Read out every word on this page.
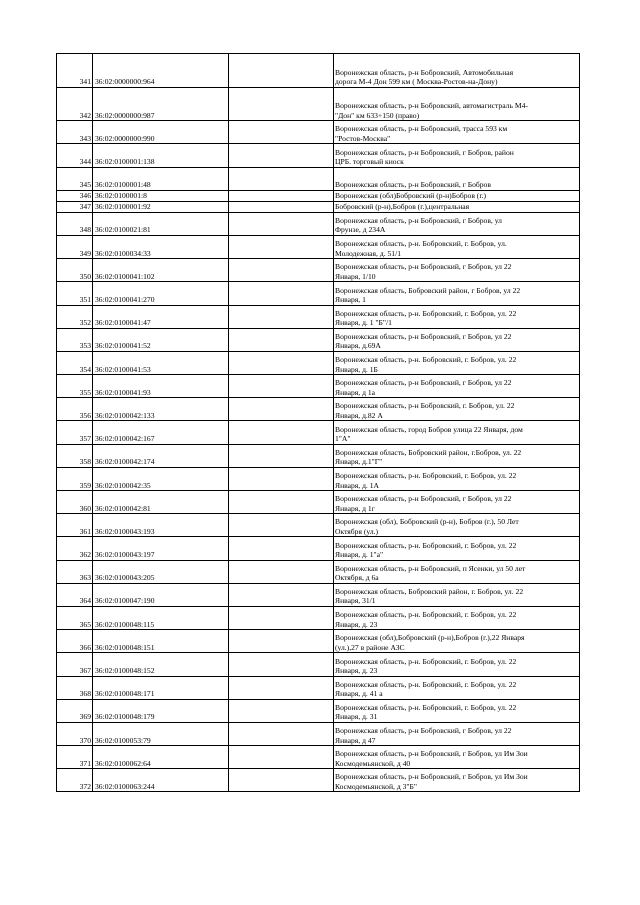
341	36:02:0000000:964		Воронежская область, р-н Бобровский, Автомобильная
дорога М-4 Дон 599 км ( Москва-Ростов-на-Дону)

342	36:02:0000000:987		Воронежская область, р-н Бобровский, автомагистраль М4-
"Дон" км 633+150 (право)

343	36:02:0000000:990		Воронежская область, р-н Бобровский, трасса 593 км
"Ростов-Москва"

344	36:02:0100001:138		Воронежская область, р-н Бобровский, г Бобров, район
ЦРБ. торговый киоск

345	36:02:0100001:48		Воронежская область, р-н Бобровский, г Бобров

346	36:02:0100001:8		Воронежская (обл)Бобровский (р-н)Бобров (г.)

347	36:02:0100001:92		Бобровский (р-н),Бобров (г.),центральная

348	36:02:0100021:81		Воронежская область, р-н Бобровский, г Бобров, ул
Фрунзе, д 234А

349	36:02:0100034:33		Воронежская область, р-н. Бобровский, г. Бобров, ул.
Молодежная, д. 51/1

350	36:02:0100041:102		Воронежская область, р-н Бобровский, г Бобров, ул 22
Января, 1/10

351	36:02:0100041:270		Воронежская область, Бобровский район, г Бобров, ул 22
Января, 1

352	36:02:0100041:47		Воронежская область, р-н. Бобровский, г. Бобров, ул. 22
Января, д. 1 "Б"/1

353	36:02:0100041:52		Воронежская область, р-н Бобровский, г Бобров, ул 22
Января, д.69А

354	36:02:0100041:53		Воронежская область, р-н. Бобровский, г. Бобров, ул. 22
Января, д. 1Б

355	36:02:0100041:93		Воронежская область, р-н Бобровский, г Бобров, ул 22
Января, д 1а

356	36:02:0100042:133		Воронежская область, р-н Бобровский, г. Бобров, ул. 22
Января, д.82 А

357	36:02:0100042:167		Воронежская область, город Бобров улица 22 Января, дом
1"А"

358	36:02:0100042:174		Воронежская область, Бобровский район, г.Бобров, ул. 22
Января, д.1"Г"

359	36:02:0100042:35		Воронежская область, р-н. Бобровский, г. Бобров, ул. 22
Января, д. 1А

360	36:02:0100042:81		Воронежская область, р-н Бобровский, г Бобров, ул 22
Января, д 1г

361	36:02:0100043:193		Воронежская (обл), Бобровский (р-н), Бобров (г.), 50 Лет
Октября (ул.)

362	36:02:0100043:197		Воронежская область, р-н. Бобровский, г. Бобров, ул. 22
Января, д. 1"а"

363	36:02:0100043:205		Воронежская область, р-н Бобровский, п Ясенки, ул 50 лет
Октября, д 6а

364	36:02:0100047:190		Воронежская область, Бобровский район, г. Бобров, ул. 22
Января, 31/1

365	36:02:0100048:115		Воронежская область, р-н. Бобровский, г. Бобров, ул. 22
Января, д. 23

366	36:02:0100048:151		Воронежская (обл),Бобровский (р-н),Бобров (г.),22 Января
(ул.),27 в районе АЗС

367	36:02:0100048:152		Воронежская область, р-н. Бобровский, г. Бобров, ул. 22
Января, д. 23

368	36:02:0100048:171		Воронежская область, р-н. Бобровский, г. Бобров, ул. 22
Января, д. 41 а

369	36:02:0100048:179		Воронежская область, р-н. Бобровский, г. Бобров, ул. 22
Января, д. 31

370	36:02:0100053:79		Воронежская область, р-н Бобровский, г Бобров, ул 22
Января, д 47

371	36:02:0100062:64		Воронежская область, р-н Бобровский, г Бобров, ул Им Зои
Космодемьянской, д 40

372	36:02:0100063:244		Воронежская область, р-н Бобровский, г Бобров, ул Им Зои
Космодемьянской, д 3"Б"
